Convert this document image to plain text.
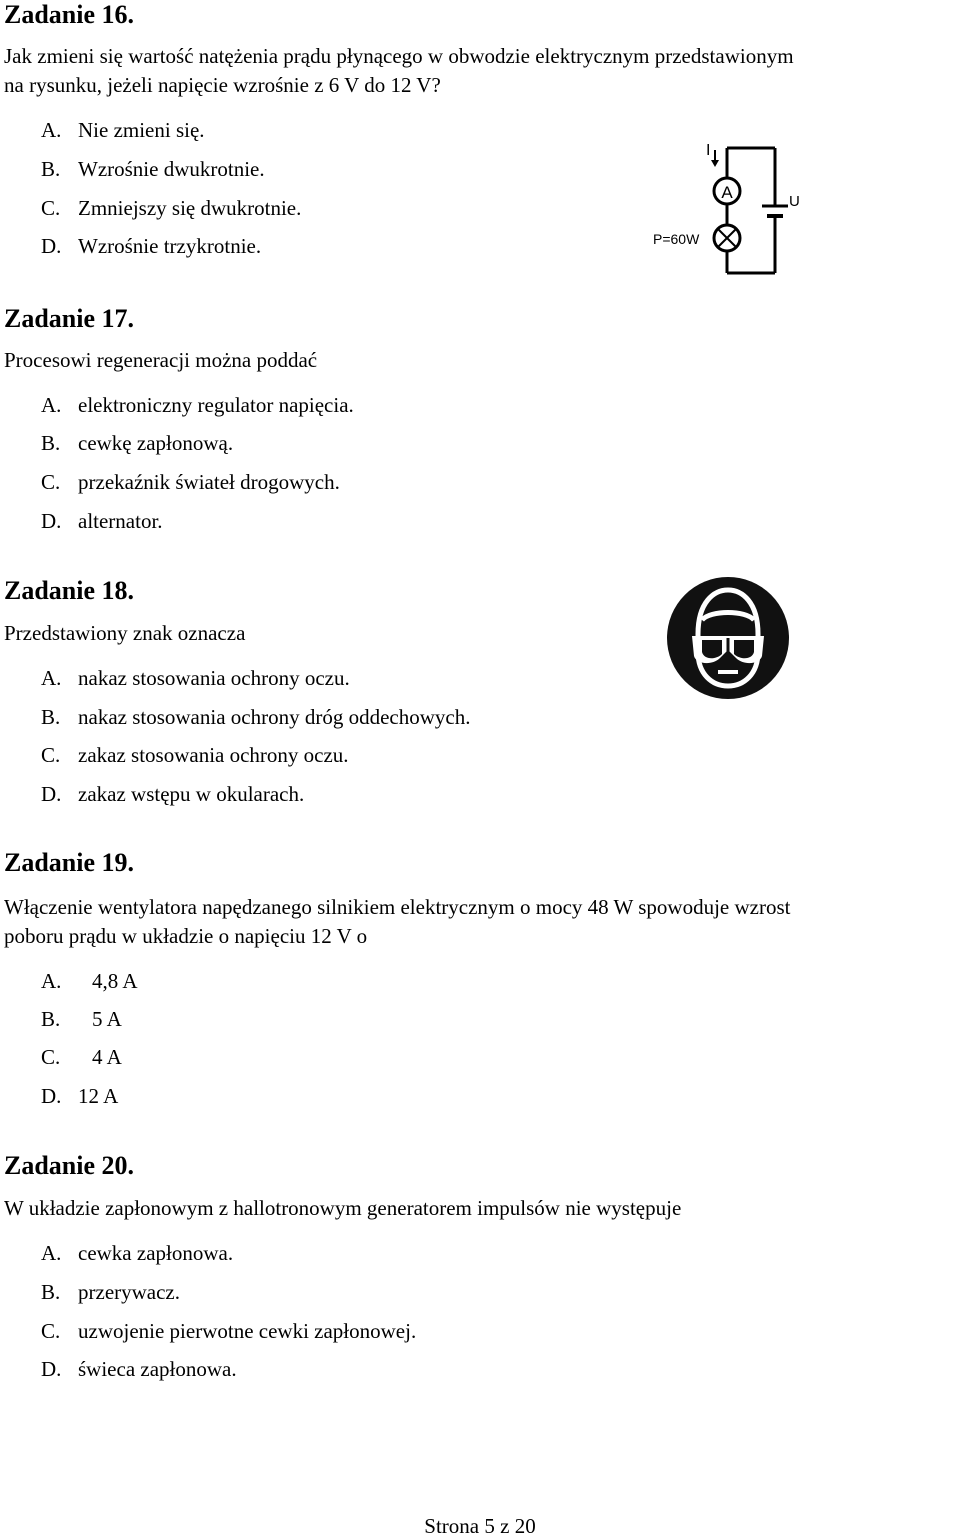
Zadanie 16.
Jak zmieni się wartość natężenia prądu płynącego w obwodzie elektrycznym przedstawionym
na rysunku, jeżeli napięcie wzrośnie z 6 V do 12 V?
A. Nie zmieni się.
B. Wzrośnie dwukrotnie.
C. Zmniejszy się dwukrotnie.
D. Wzrośnie trzykrotnie.
A
I
U
P=60W
Zadanie 17.
Procesowi regeneracji można poddać
A. elektroniczny regulator napięcia.
B. cewkę zapłonową.
C. przekaźnik świateł drogowych.
D. alternator.
Zadanie 18.
Przedstawiony znak oznacza
A. nakaz stosowania ochrony oczu.
B. nakaz stosowania ochrony dróg oddechowych.
C. zakaz stosowania ochrony oczu.
D. zakaz wstępu w okularach.
Zadanie 19.
Włączenie wentylatora napędzanego silnikiem elektrycznym o mocy 48 W spowoduje wzrost
poboru prądu w układzie o napięciu 12 V o
A. 4,8 A
B. 5 A
C. 4 A
D. 12 A
Zadanie 20.
W układzie zapłonowym z hallotronowym generatorem impulsów nie występuje
A. cewka zapłonowa.
B. przerywacz.
C. uzwojenie pierwotne cewki zapłonowej.
D. świeca zapłonowa.
Strona 5 z 20
